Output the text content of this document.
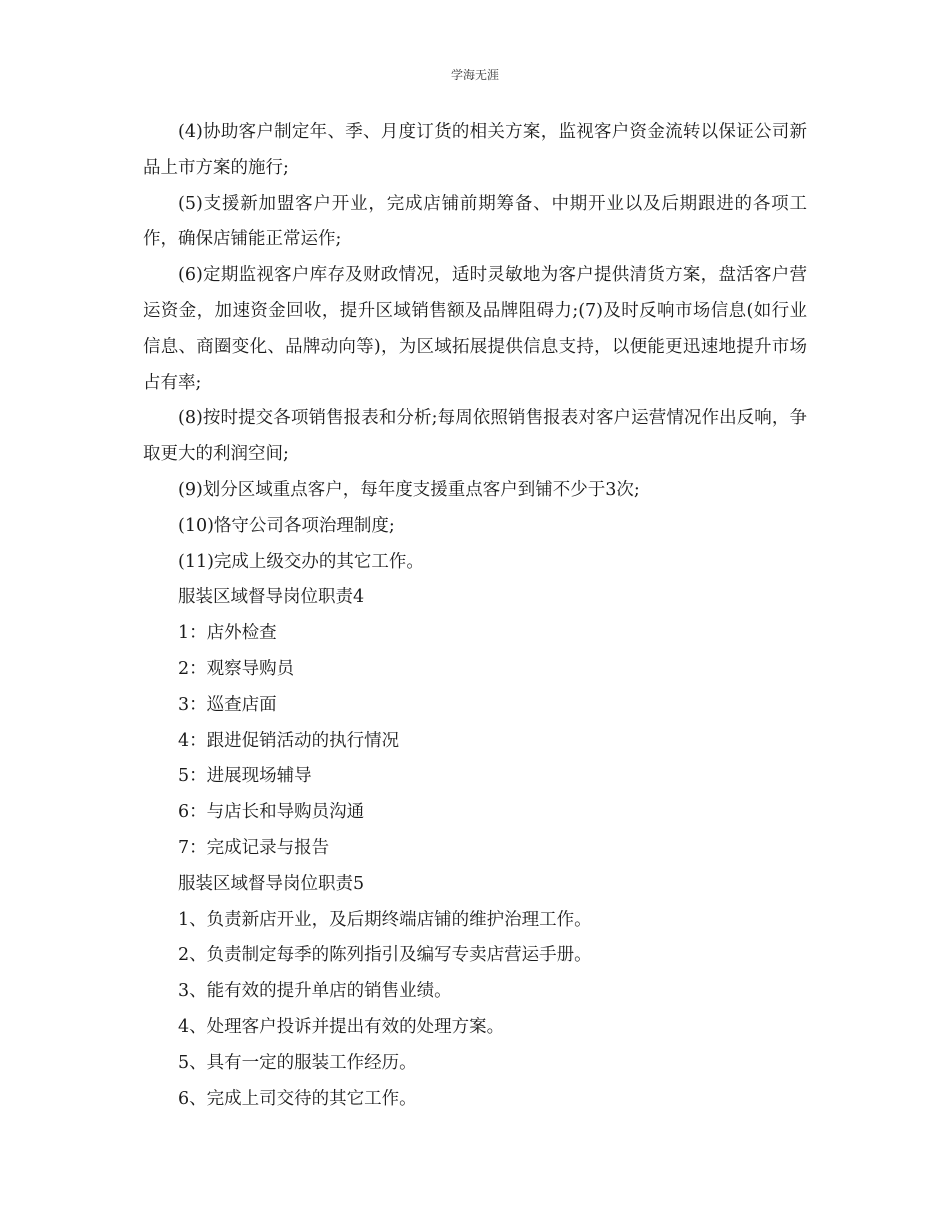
学海无涯

(4)协助客户制定年、季、月度订货的相关方案，监视客户资金流转以保证公司新品上市方案的施行;

(5)支援新加盟客户开业，完成店铺前期筹备、中期开业以及后期跟进的各项工作，确保店铺能正常运作;

(6)定期监视客户库存及财政情况，适时灵敏地为客户提供清货方案，盘活客户营运资金，加速资金回收，提升区域销售额及品牌阻碍力;(7)及时反响市场信息(如行业信息、商圈变化、品牌动向等)，为区域拓展提供信息支持，以便能更迅速地提升市场占有率;

(8)按时提交各项销售报表和分析;每周依照销售报表对客户运营情况作出反响，争取更大的利润空间;

(9)划分区域重点客户，每年度支援重点客户到铺不少于3次;

(10)恪守公司各项治理制度;

(11)完成上级交办的其它工作。

服装区域督导岗位职责4

1：店外检查

2：观察导购员

3：巡查店面

4：跟进促销活动的执行情况

5：进展现场辅导

6：与店长和导购员沟通

7：完成记录与报告

服装区域督导岗位职责5

1、负责新店开业，及后期终端店铺的维护治理工作。

2、负责制定每季的陈列指引及编写专卖店营运手册。

3、能有效的提升单店的销售业绩。

4、处理客户投诉并提出有效的处理方案。

5、具有一定的服装工作经历。

6、完成上司交待的其它工作。
